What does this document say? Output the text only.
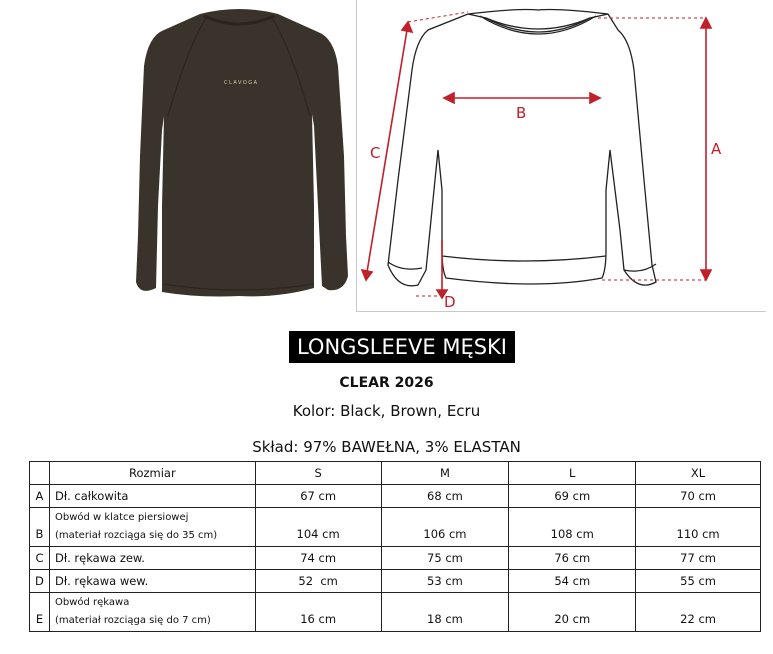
CLAVOGA
A
B
C
D
LONGSLEEVE MĘSKI
CLEAR 2026
Kolor: Black, Brown, Ecru
Skład: 97% BAWEŁNA, 3% ELASTAN
	Rozmiar	S	M	L	XL
A	Dł. całkowita	67 cm	68 cm	69 cm	70 cm

B	Obwód w klatce piersiowej
(materiał rozciąga się do 35 cm)	104 cm	106 cm	108 cm	110 cm

C	Dł. rękawa zew.	74 cm	75 cm	76 cm	77 cm
D	Dł. rękawa wew.	52  cm	53 cm	54 cm	55 cm

E	Obwód rękawa
(materiał rozciąga się do 7 cm)	16 cm	18 cm	20 cm	22 cm
